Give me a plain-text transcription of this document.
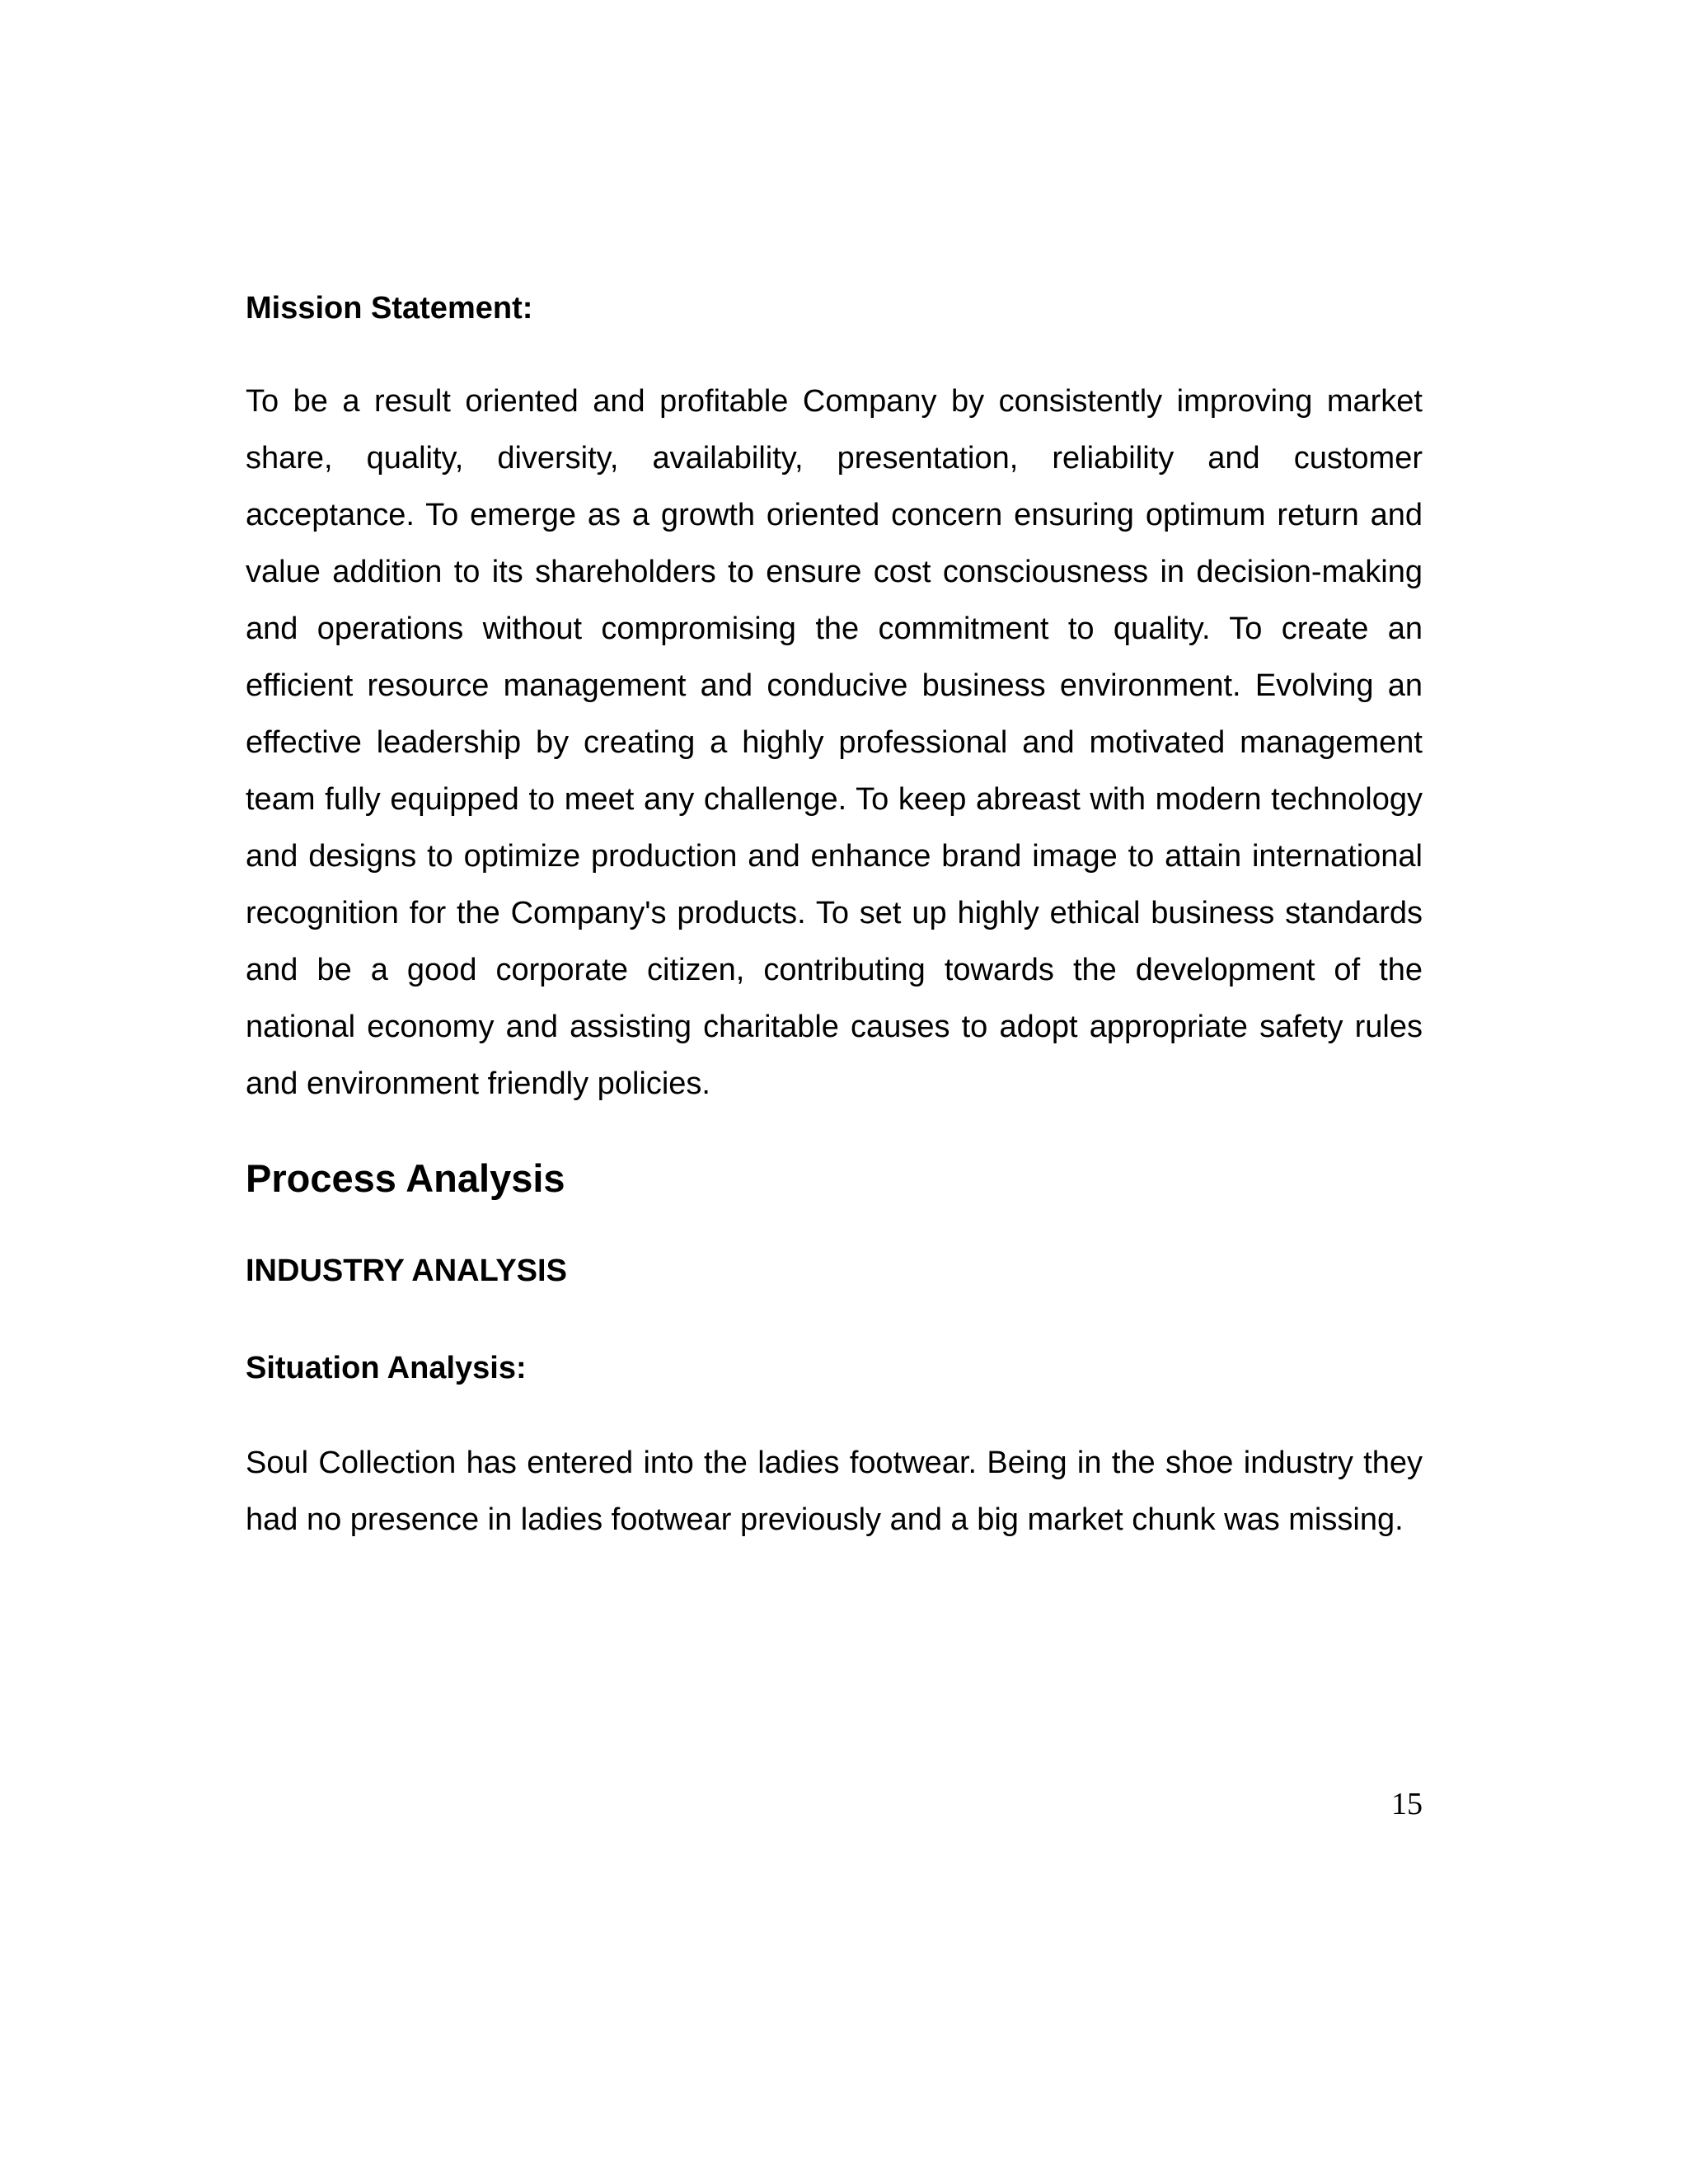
Mission Statement:

To be a result oriented and profitable Company by consistently improving market share, quality, diversity, availability, presentation, reliability and customer acceptance. To emerge as a growth oriented concern ensuring optimum return and value addition to its shareholders to ensure cost consciousness in decision-making and operations without compromising the commitment to quality. To create an efficient resource management and conducive business environment. Evolving an effective leadership by creating a highly professional and motivated management team fully equipped to meet any challenge. To keep abreast with modern technology and designs to optimize production and enhance brand image to attain international recognition for the Company's products. To set up highly ethical business standards and be a good corporate citizen, contributing towards the development of the national economy and assisting charitable causes to adopt appropriate safety rules and environment friendly policies.

Process Analysis
INDUSTRY ANALYSIS
Situation Analysis:

Soul Collection has entered into the ladies footwear. Being in the shoe industry they had no presence in ladies footwear previously and a big market chunk was missing.

15
